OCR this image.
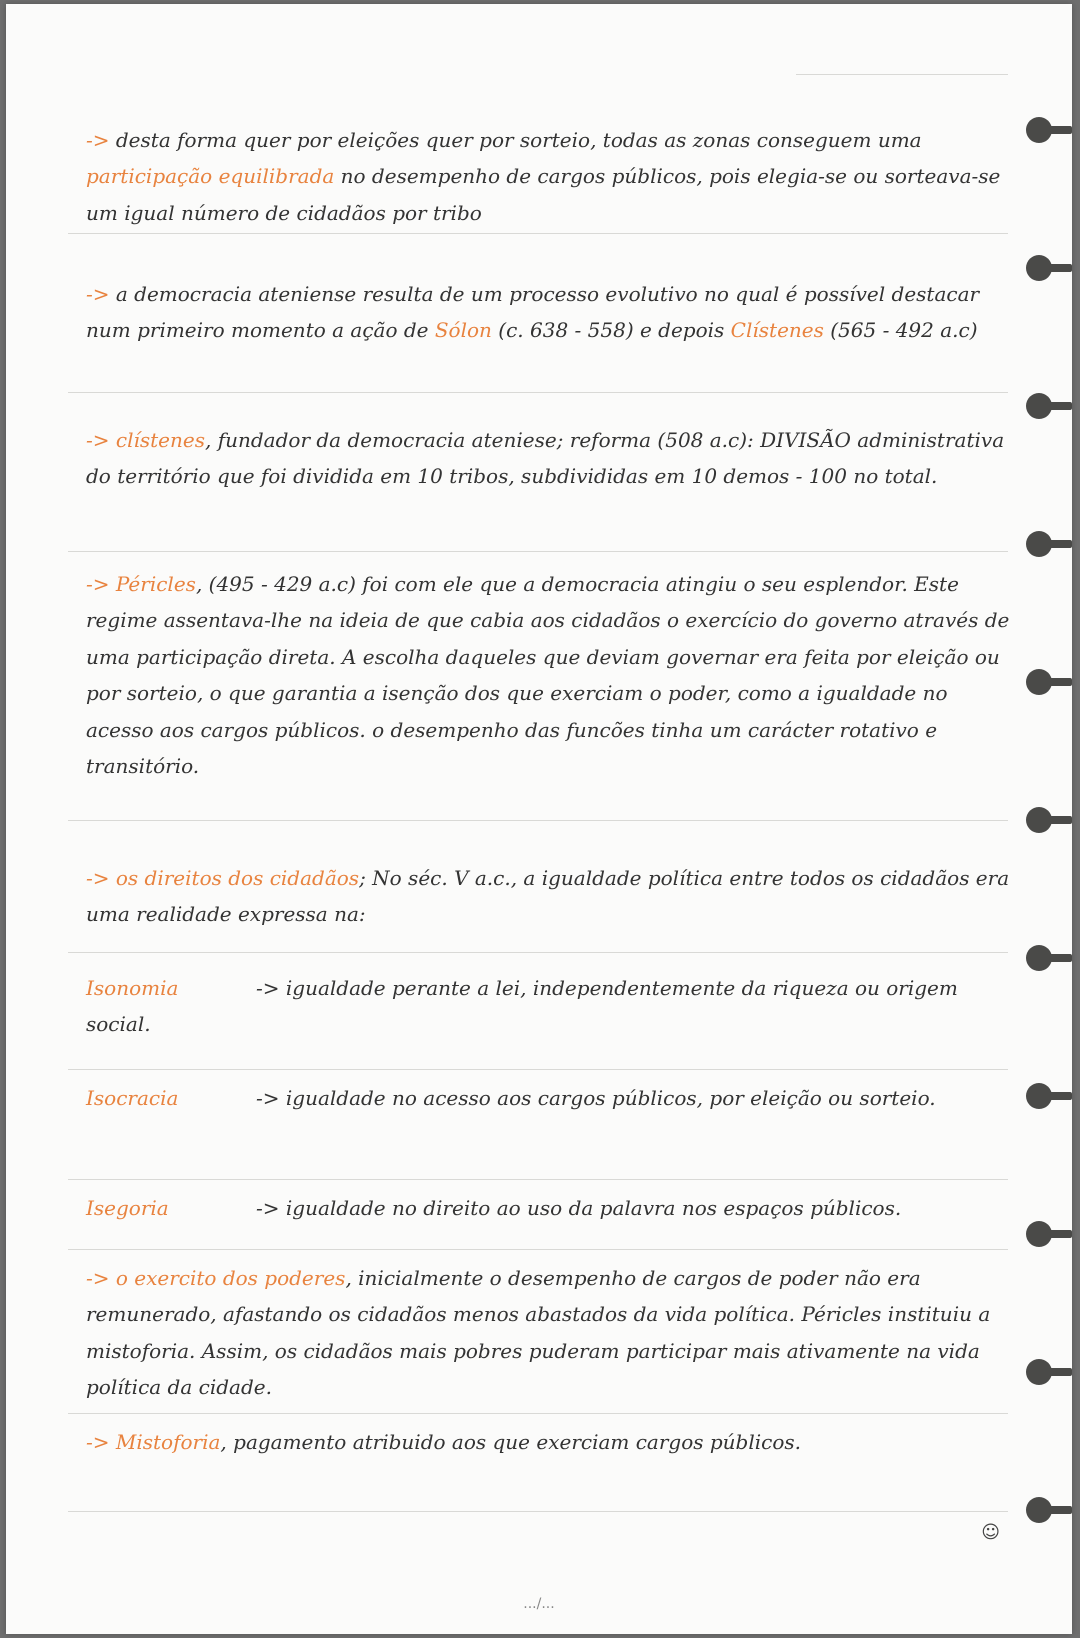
-> desta forma quer por eleições quer por sorteio, todas as zonas conseguem uma participação equilibrada no desempenho de cargos públicos, pois elegia-se ou sorteava-se um igual número de cidadãos por tribo

-> a democracia ateniense resulta de um processo evolutivo no qual é possível destacar num primeiro momento a ação de Sólon (c. 638 - 558) e depois Clístenes (565 - 492 a.c)

-> clístenes, fundador da democracia ateniese; reforma (508 a.c): DIVISÃO administrativa do território que foi dividida em 10 tribos, subdivididas em 10 demos - 100 no total.

-> Péricles, (495 - 429 a.c) foi com ele que a democracia atingiu o seu esplendor. Este regime assentava-lhe na ideia de que cabia aos cidadãos o exercício do governo através de uma participação direta. A escolha daqueles que deviam governar era feita por eleição ou por sorteio, o que garantia a isenção dos que exerciam o poder, como a igualdade no acesso aos cargos públicos. o desempenho das funcões tinha um carácter rotativo e transitório.

-> os direitos dos cidadãos; No séc. V a.c., a igualdade política entre todos os cidadãos era uma realidade expressa na:

Isonomia	-> igualdade perante a lei, independentemente da riqueza ou origem social.

Isocracia	-> igualdade no acesso aos cargos públicos, por eleição ou sorteio.

Isegoria	-> igualdade no direito ao uso da palavra nos espaços públicos.

-> o exercito dos poderes, inicialmente o desempenho de cargos de poder não era remunerado, afastando os cidadãos menos abastados da vida política. Péricles instituiu a mistoforia. Assim, os cidadãos mais pobres puderam participar mais ativamente na vida política da cidade.

-> Mistoforia, pagamento atribuido aos que exerciam cargos públicos.

☺
.../...
